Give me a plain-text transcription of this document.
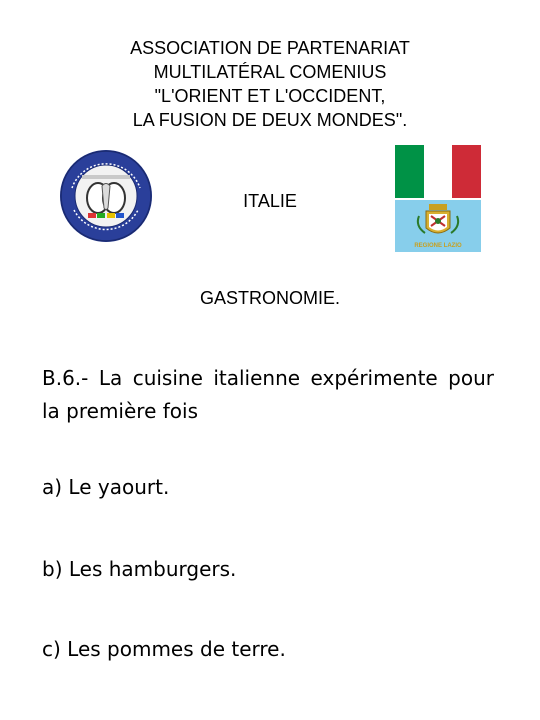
ASSOCIATION DE PARTENARIAT
MULTILATÉRAL COMENIUS
"L'ORIENT ET L'OCCIDENT,
LA FUSION DE DEUX MONDES".
ITALIE
REGIONE LAZIO
GASTRONOMIE.
B.6.- La cuisine italienne expérimente pour la première fois
a) Le yaourt.
b) Les hamburgers.
c) Les pommes de terre.
